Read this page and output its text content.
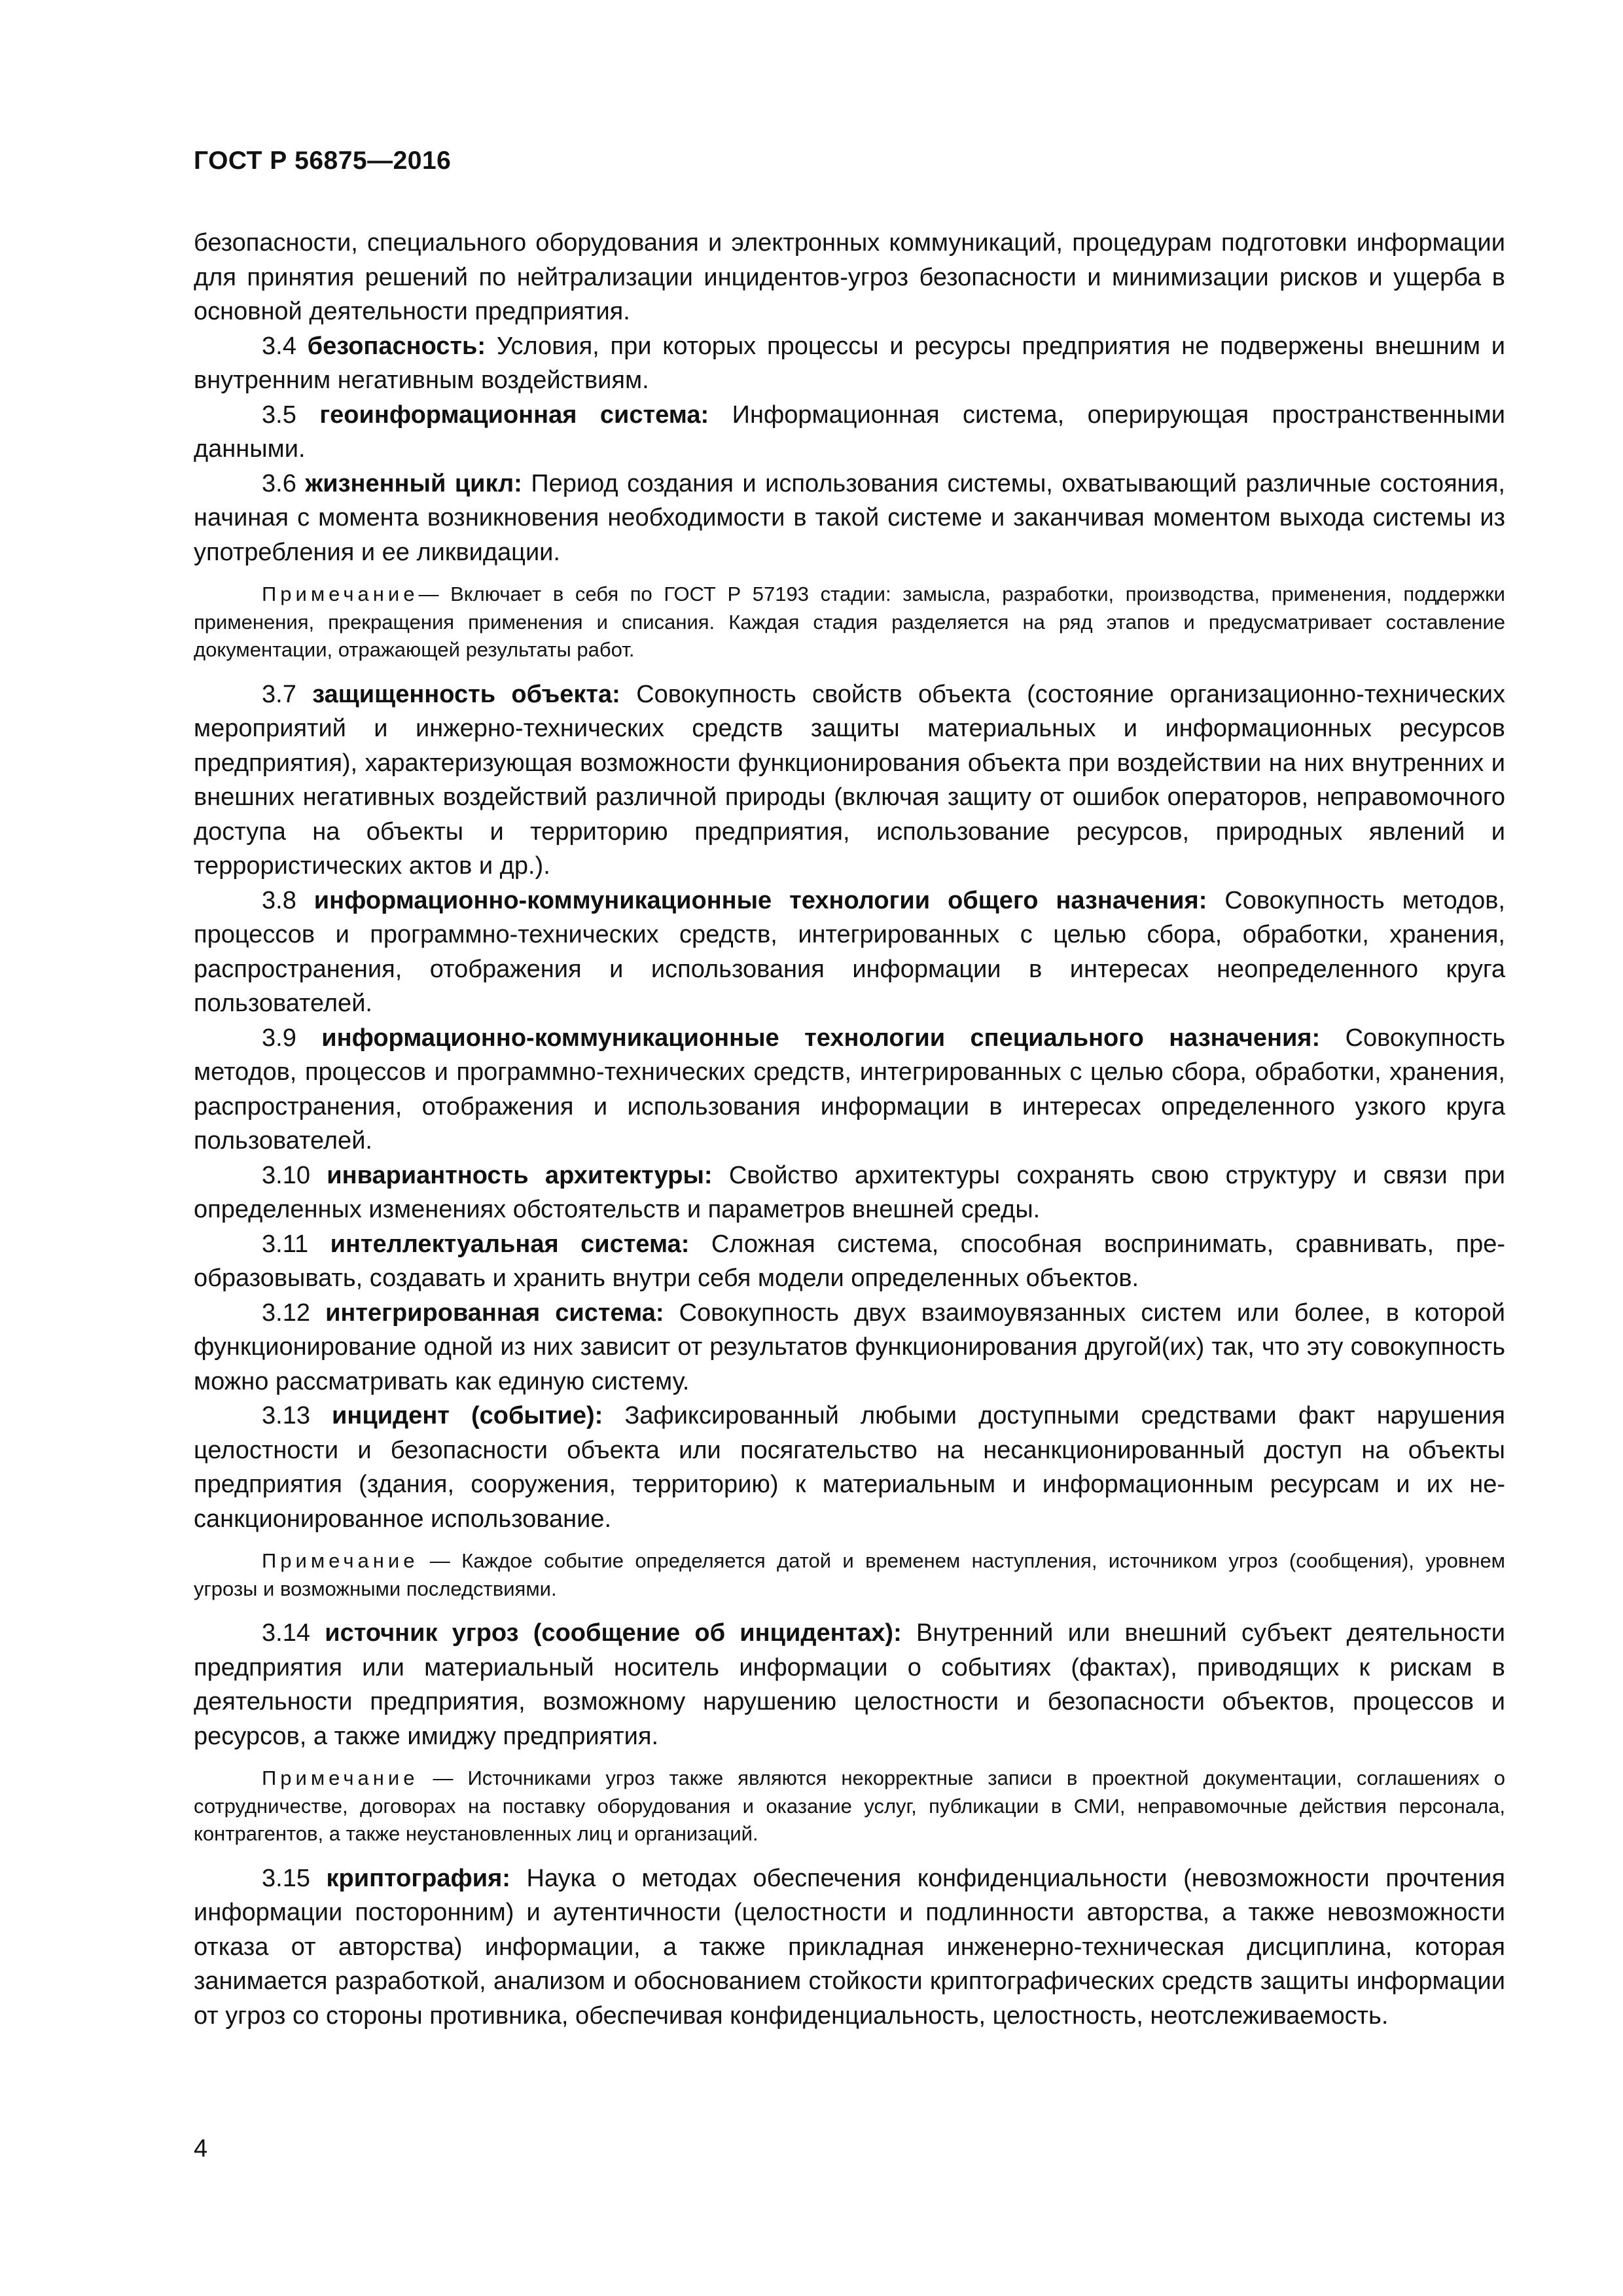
ГОСТ Р 56875—2016

безопасности, специального оборудования и электронных коммуникаций, процедурам подготовки информации для принятия решений по нейтрализации инцидентов-угроз безопасности и минимизации рисков и ущерба в основной деятельности предприятия.

3.4 безопасность: Условия, при которых процессы и ресурсы предприятия не подвержены внешним и внутренним негативным воздействиям.

3.5 геоинформационная система: Информационная система, оперирующая пространственными данными.

3.6 жизненный цикл: Период создания и использования системы, охватывающий различные состояния, начиная с момента возникновения необходимости в такой системе и заканчивая моментом выхода системы из употребления и ее ликвидации.

Примечание— Включает в себя по ГОСТ Р 57193 стадии: замысла, разработки, производства, применения, поддержки применения, прекращения применения и списания. Каждая стадия разделяется на ряд этапов и предусматривает составление документации, отражающей результаты работ.

3.7 защищенность объекта: Совокупность свойств объекта (состояние организационно-технических мероприятий и инжерно-технических средств защиты материальных и информационных ресурсов предприятия), характеризующая возможности функционирования объекта при воздействии на них внутренних и внешних негативных воздействий различной природы (включая защиту от ошибок операторов, неправомочного доступа на объекты и территорию предприятия, использование ресурсов, природных явлений и террористических актов и др.).

3.8 информационно-коммуникационные технологии общего назначения: Совокупность методов, процессов и программно-технических средств, интегрированных с целью сбора, обработки, хранения, распространения, отображения и использования информации в интересах неопределенного круга пользователей.

3.9 информационно-коммуникационные технологии специального назначения: Совокупность методов, процессов и программно-технических средств, интегрированных с целью сбора, обработки, хранения, распространения, отображения и использования информации в интересах определенного узкого круга пользователей.

3.10 инвариантность архитектуры: Свойство архитектуры сохранять свою структуру и связи при определенных изменениях обстоятельств и параметров внешней среды.

3.11 интеллектуальная система: Сложная система, способная воспринимать, сравнивать, преобразовывать, создавать и хранить внутри себя модели определенных объектов.

3.12 интегрированная система: Совокупность двух взаимоувязанных систем или более, в которой функционирование одной из них зависит от результатов функционирования другой(их) так, что эту совокупность можно рассматривать как единую систему.

3.13 инцидент (событие): Зафиксированный любыми доступными средствами факт нарушения целостности и безопасности объекта или посягательство на несанкционированный доступ на объекты предприятия (здания, сооружения, территорию) к материальным и информационным ресурсам и их несанкционированное использование.

Примечание — Каждое событие определяется датой и временем наступления, источником угроз (сообщения), уровнем угрозы и возможными последствиями.

3.14 источник угроз (сообщение об инцидентах): Внутренний или внешний субъект деятельности предприятия или материальный носитель информации о событиях (фактах), приводящих к рискам в деятельности предприятия, возможному нарушению целостности и безопасности объектов, процессов и ресурсов, а также имиджу предприятия.

Примечание — Источниками угроз также являются некорректные записи в проектной документации, соглашениях о сотрудничестве, договорах на поставку оборудования и оказание услуг, публикации в СМИ, неправомочные действия персонала, контрагентов, а также неустановленных лиц и организаций.

3.15 криптография: Наука о методах обеспечения конфиденциальности (невозможности прочтения информации посторонним) и аутентичности (целостности и подлинности авторства, а также невозможности отказа от авторства) информации, а также прикладная инженерно-техническая дисциплина, которая занимается разработкой, анализом и обоснованием стойкости криптографических средств защиты информации от угроз со стороны противника, обеспечивая конфиденциальность, целостность, неотслеживаемость.

4
